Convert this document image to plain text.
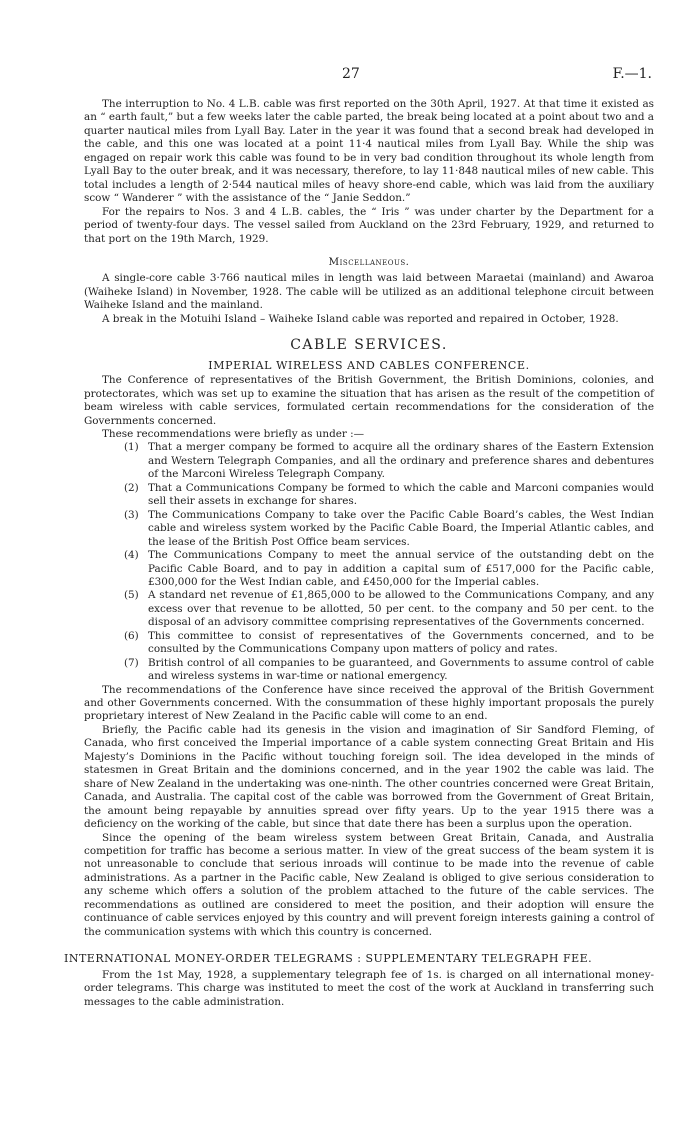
27	F.—1.

The interruption to No. 4 L.B. cable was first reported on the 30th April, 1927. At that time it existed as an “ earth fault,” but a few weeks later the cable parted, the break being located at a point about two and a quarter nautical miles from Lyall Bay. Later in the year it was found that a second break had developed in the cable, and this one was located at a point 11·4 nautical miles from Lyall Bay. While the ship was engaged on repair work this cable was found to be in very bad condition throughout its whole length from Lyall Bay to the outer break, and it was necessary, therefore, to lay 11·848 nautical miles of new cable. This total includes a length of 2·544 nautical miles of heavy shore-end cable, which was laid from the auxiliary scow “ Wanderer ” with the assistance of the “ Janie Seddon.”

For the repairs to Nos. 3 and 4 L.B. cables, the “ Iris ” was under charter by the Department for a period of twenty-four days. The vessel sailed from Auckland on the 23rd February, 1929, and returned to that port on the 19th March, 1929.

Miscellaneous.

A single-core cable 3·766 nautical miles in length was laid between Maraetai (mainland) and Awaroa (Waiheke Island) in November, 1928. The cable will be utilized as an additional telephone circuit between Waiheke Island and the mainland.

A break in the Motuihi Island – Waiheke Island cable was reported and repaired in October, 1928.

CABLE SERVICES.
IMPERIAL WIRELESS AND CABLES CONFERENCE.

The Conference of representatives of the British Government, the British Dominions, colonies, and protectorates, which was set up to examine the situation that has arisen as the result of the competition of beam wireless with cable services, formulated certain recommendations for the consideration of the Governments concerned.

These recommendations were briefly as under :—

(1) That a merger company be formed to acquire all the ordinary shares of the Eastern Extension and Western Telegraph Companies, and all the ordinary and preference shares and debentures of the Marconi Wireless Telegraph Company.
(2) That a Communications Company be formed to which the cable and Marconi companies would sell their assets in exchange for shares.
(3) The Communications Company to take over the Pacific Cable Board’s cables, the West Indian cable and wireless system worked by the Pacific Cable Board, the Imperial Atlantic cables, and the lease of the British Post Office beam services.
(4) The Communications Company to meet the annual service of the outstanding debt on the Pacific Cable Board, and to pay in addition a capital sum of £517,000 for the Pacific cable, £300,000 for the West Indian cable, and £450,000 for the Imperial cables.
(5) A standard net revenue of £1,865,000 to be allowed to the Communications Company, and any excess over that revenue to be allotted, 50 per cent. to the company and 50 per cent. to the disposal of an advisory committee comprising representatives of the Governments concerned.
(6) This committee to consist of representatives of the Governments concerned, and to be consulted by the Communications Company upon matters of policy and rates.
(7) British control of all companies to be guaranteed, and Governments to assume control of cable and wireless systems in war-time or national emergency.

The recommendations of the Conference have since received the approval of the British Government and other Governments concerned. With the consummation of these highly important proposals the purely proprietary interest of New Zealand in the Pacific cable will come to an end.

Briefly, the Pacific cable had its genesis in the vision and imagination of Sir Sandford Fleming, of Canada, who first conceived the Imperial importance of a cable system connecting Great Britain and His Majesty’s Dominions in the Pacific without touching foreign soil. The idea developed in the minds of statesmen in Great Britain and the dominions concerned, and in the year 1902 the cable was laid. The share of New Zealand in the undertaking was one-ninth. The other countries concerned were Great Britain, Canada, and Australia. The capital cost of the cable was borrowed from the Government of Great Britain, the amount being repayable by annuities spread over fifty years. Up to the year 1915 there was a deficiency on the working of the cable, but since that date there has been a surplus upon the operation.

Since the opening of the beam wireless system between Great Britain, Canada, and Australia competition for traffic has become a serious matter. In view of the great success of the beam system it is not unreasonable to conclude that serious inroads will continue to be made into the revenue of cable administrations. As a partner in the Pacific cable, New Zealand is obliged to give serious consideration to any scheme which offers a solution of the problem attached to the future of the cable services. The recommendations as outlined are considered to meet the position, and their adoption will ensure the continuance of cable services enjoyed by this country and will prevent foreign interests gaining a control of the communication systems with which this country is concerned.

INTERNATIONAL MONEY-ORDER TELEGRAMS : SUPPLEMENTARY TELEGRAPH FEE.

From the 1st May, 1928, a supplementary telegraph fee of 1s. is charged on all international money-order telegrams. This charge was instituted to meet the cost of the work at Auckland in transferring such messages to the cable administration.
